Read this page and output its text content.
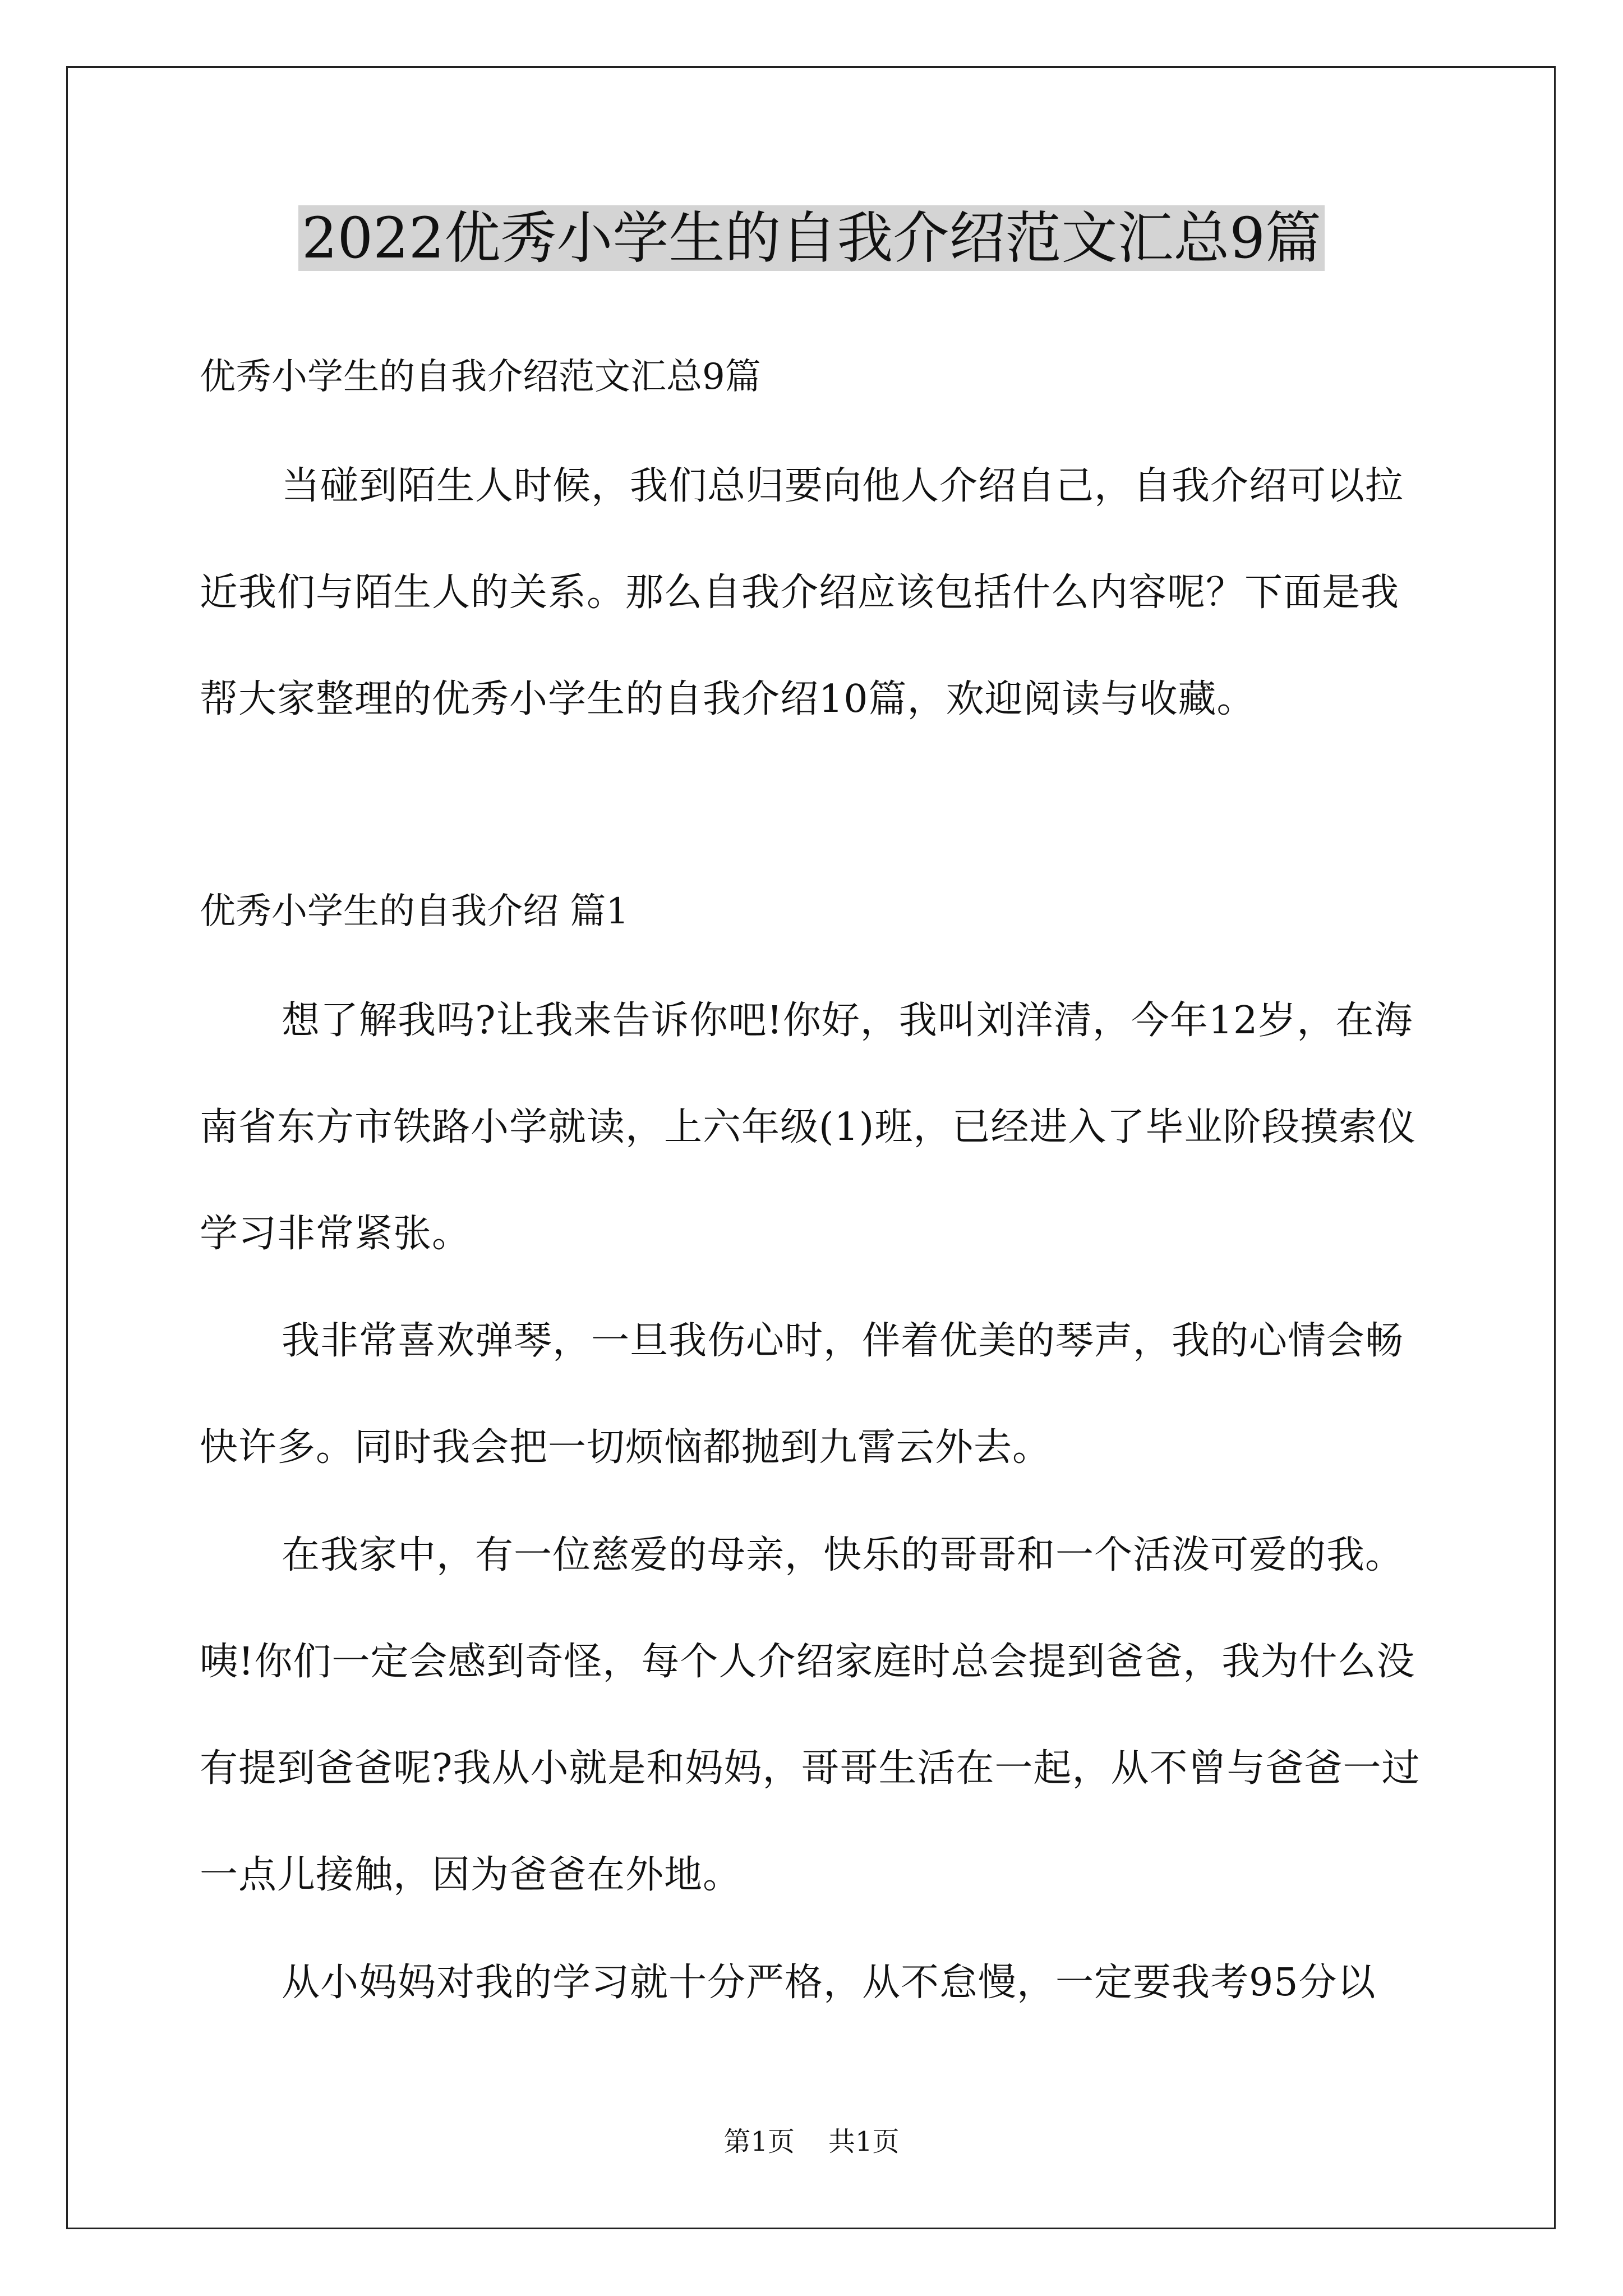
2022优秀小学生的自我介绍范文汇总9篇

优秀小学生的自我介绍范文汇总9篇

当碰到陌生人时候，我们总归要向他人介绍自己，自我介绍可以拉近我们与陌生人的关系。那么自我介绍应该包括什么内容呢？下面是我帮大家整理的优秀小学生的自我介绍10篇，欢迎阅读与收藏。

优秀小学生的自我介绍 篇1

想了解我吗?让我来告诉你吧!你好，我叫刘洋清，今年12岁，在海南省东方市铁路小学就读，上六年级(1)班，已经进入了毕业阶段摸索仪学习非常紧张。

我非常喜欢弹琴，一旦我伤心时，伴着优美的琴声，我的心情会畅快许多。同时我会把一切烦恼都抛到九霄云外去。

在我家中，有一位慈爱的母亲，快乐的哥哥和一个活泼可爱的我。咦!你们一定会感到奇怪，每个人介绍家庭时总会提到爸爸，我为什么没有提到爸爸呢?我从小就是和妈妈，哥哥生活在一起，从不曾与爸爸一过一点儿接触，因为爸爸在外地。

从小妈妈对我的学习就十分严格，从不怠慢，一定要我考95分以

第1页 共1页
